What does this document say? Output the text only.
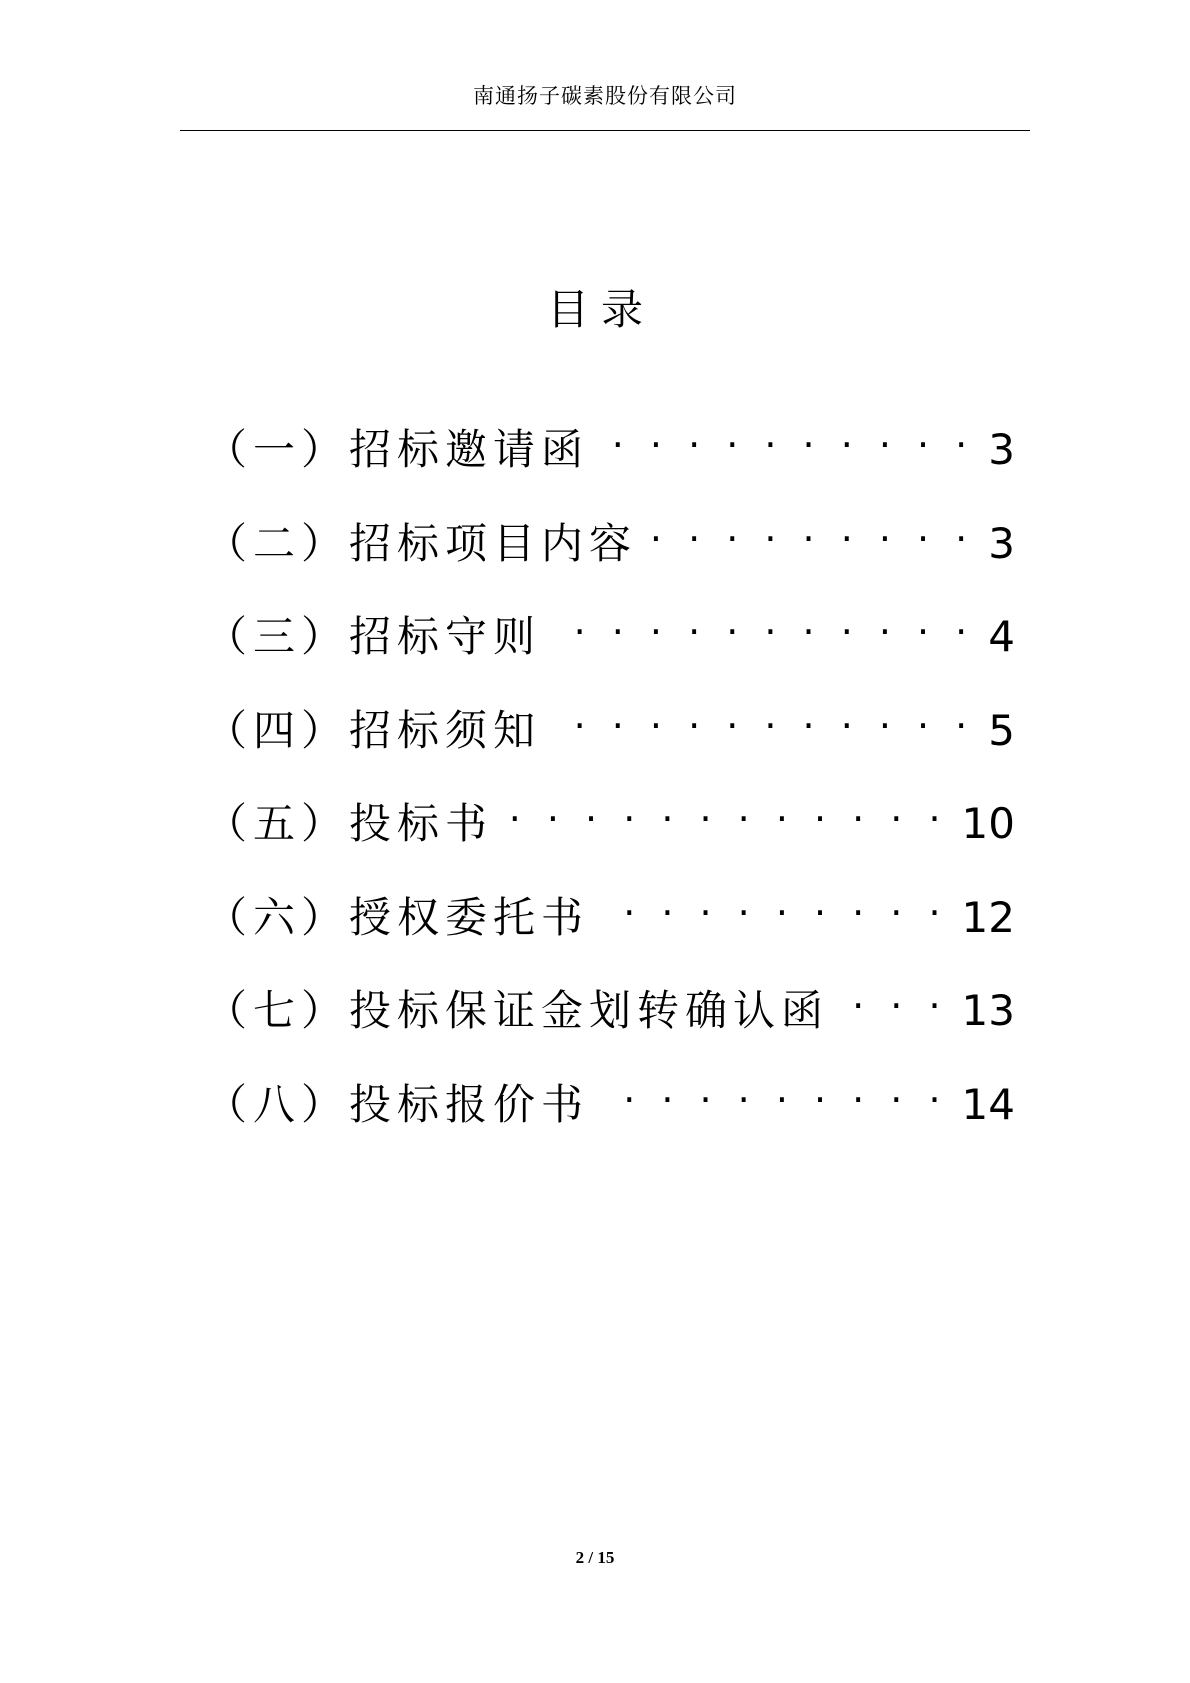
南通扬子碳素股份有限公司
目录
（一）招标邀请函 . . .	3
（二）招标项目内容 . . .	3
（三）招标守则 . . .	4
（四）招标须知 . . .	5
（五）投标书 . . .	10
（六）授权委托书 . . .	12
（七）投标保证金划转确认函 . . .	13
（八）投标报价书 . . .	14
2 / 15
